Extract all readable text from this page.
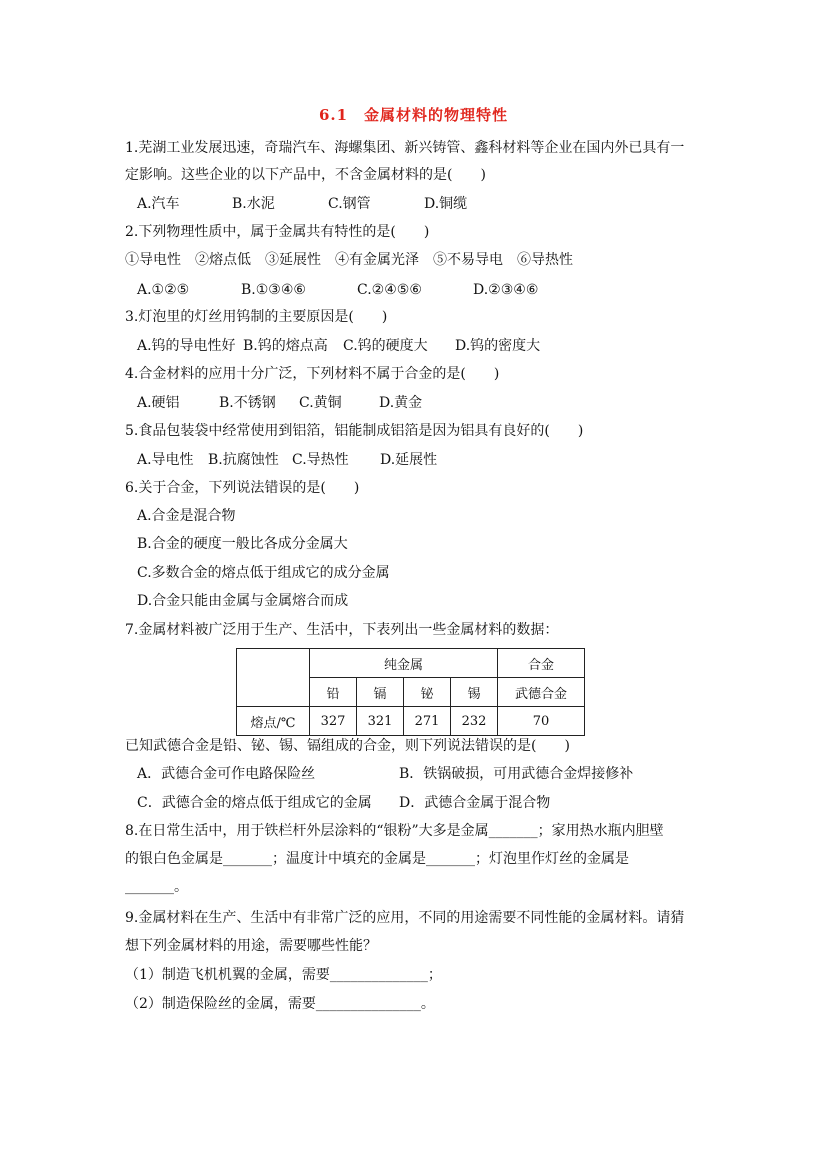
6.1　金属材料的物理特性
1.芜湖工业发展迅速，奇瑞汽车、海螺集团、新兴铸管、鑫科材料等企业在国内外已具有一
定影响。这些企业的以下产品中，不含金属材料的是(　　)
A.汽车	B.水泥	C.钢管	D.铜缆
2.下列物理性质中，属于金属共有特性的是(　　)
①导电性　②熔点低　③延展性　④有金属光泽　⑤不易导电　⑥导热性
A.①②⑤	B.①③④⑥	C.②④⑤⑥	D.②③④⑥
3.灯泡里的灯丝用钨制的主要原因是(　　)
A.钨的导电性好 B.钨的熔点高 C.钨的硬度大 D.钨的密度大
4.合金材料的应用十分广泛，下列材料不属于合金的是(　　)
A.硬铝	B.不锈钢 C.黄铜	D.黄金
5.食品包装袋中经常使用到铝箔，铝能制成铝箔是因为铝具有良好的(　　)
A.导电性 B.抗腐蚀性 C.导热性 D.延展性
6.关于合金，下列说法错误的是(　　)
A.合金是混合物
B.合金的硬度一般比各成分金属大
C.多数合金的熔点低于组成它的成分金属
D.合金只能由金属与金属熔合而成
7.金属材料被广泛用于生产、生活中，下表列出一些金属材料的数据：
	纯金属				合金
	铅	镉	铋	锡	武德合金
熔点/℃	327	321	271	232	70
已知武德合金是铅、铋、锡、镉组成的合金，则下列说法错误的是(　　)
A．武德合金可作电路保险丝	B．铁锅破损，可用武德合金焊接修补
C．武德合金的熔点低于组成它的金属 D．武德合金属于混合物
8.在日常生活中，用于铁栏杆外层涂料的“银粉”大多是金属_______；家用热水瓶内胆壁
的银白色金属是_______；温度计中填充的金属是_______；灯泡里作灯丝的金属是
_______。
9.金属材料在生产、生活中有非常广泛的应用，不同的用途需要不同性能的金属材料。请猜
想下列金属材料的用途，需要哪些性能？
（1）制造飞机机翼的金属，需要______________；
（2）制造保险丝的金属，需要_______________。
